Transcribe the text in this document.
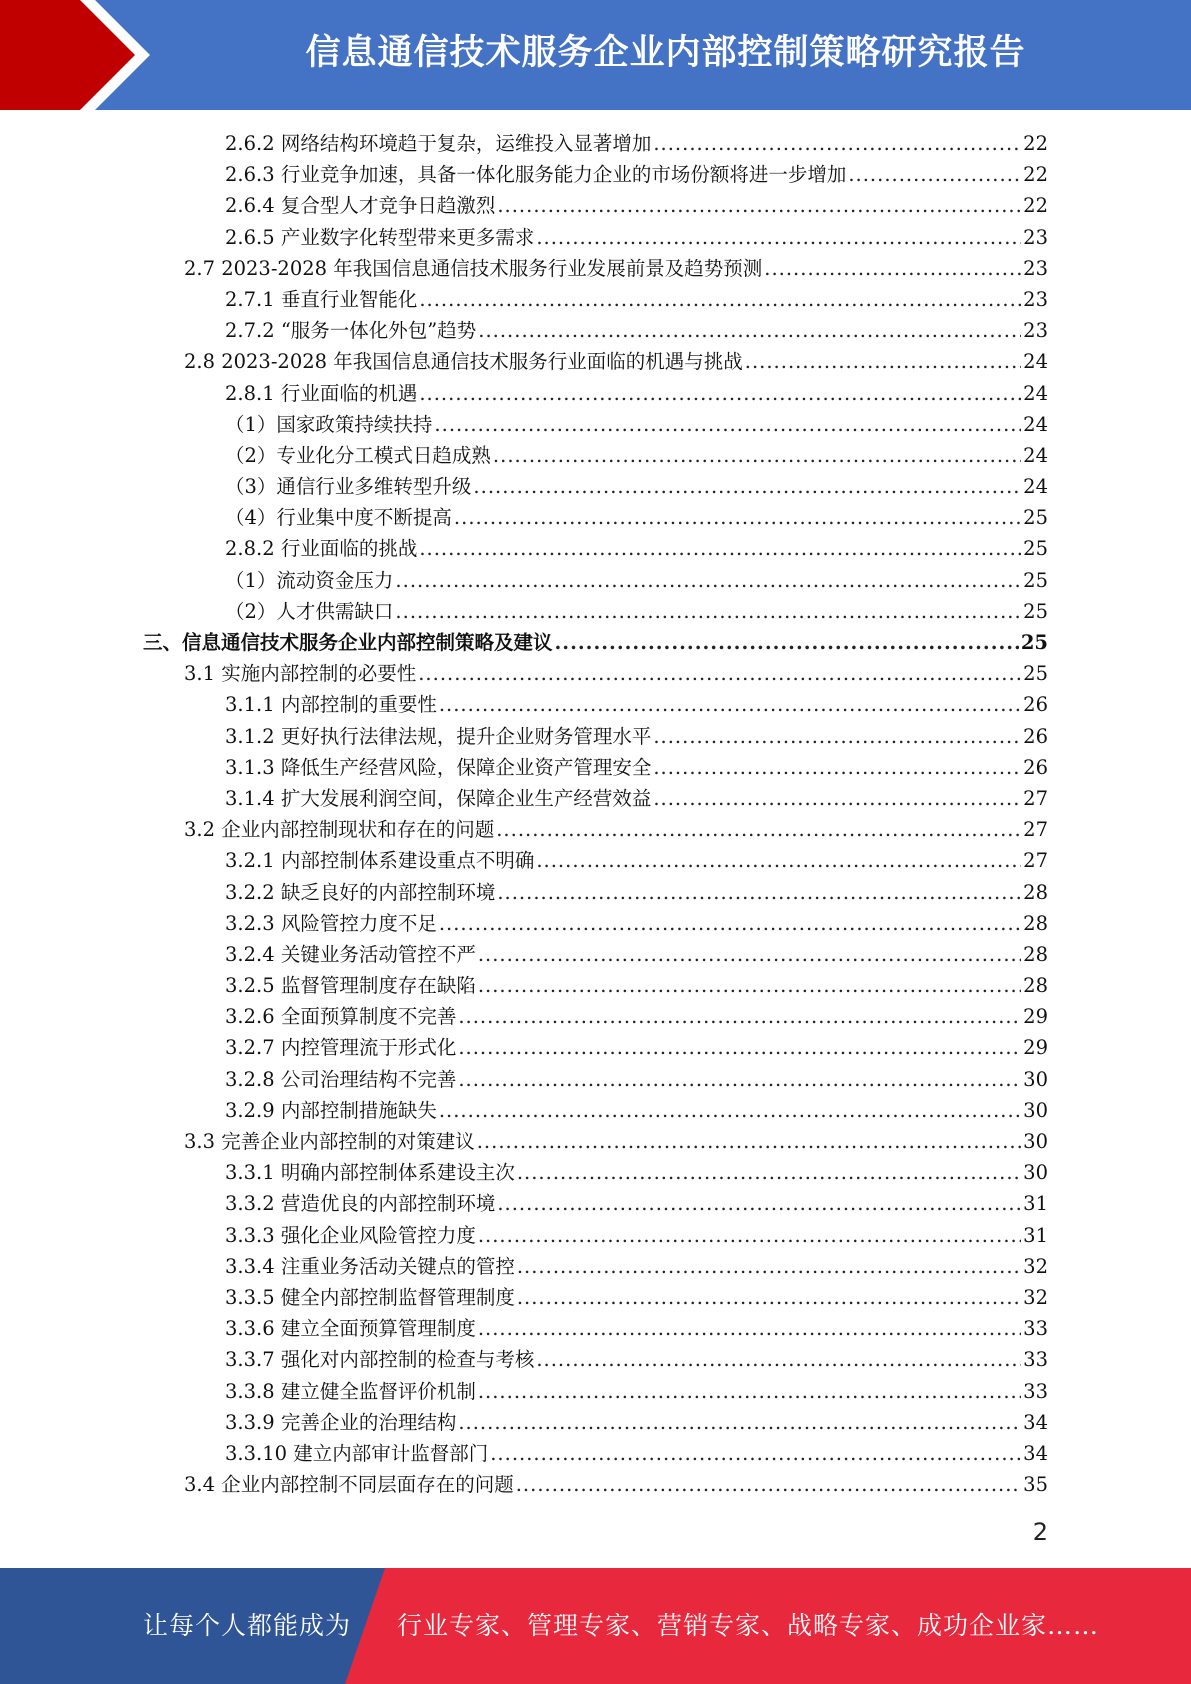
信息通信技术服务企业内部控制策略研究报告
2.6.2 网络结构环境趋于复杂，运维投入显著增加 .....	22
2.6.3 行业竞争加速，具备一体化服务能力企业的市场份额将进一步增加 .....	22
2.6.4 复合型人才竞争日趋激烈 .....	22
2.6.5 产业数字化转型带来更多需求 .....	23
2.7 2023-2028 年我国信息通信技术服务行业发展前景及趋势预测 .....	23
2.7.1 垂直行业智能化 .....	23
2.7.2 “服务一体化外包”趋势 .....	23
2.8 2023-2028 年我国信息通信技术服务行业面临的机遇与挑战 .....	24
2.8.1 行业面临的机遇 .....	24
（1）国家政策持续扶持 .....	24
（2）专业化分工模式日趋成熟 .....	24
（3）通信行业多维转型升级 .....	24
（4）行业集中度不断提高 .....	25
2.8.2 行业面临的挑战 .....	25
（1）流动资金压力 .....	25
（2）人才供需缺口 .....	25
三、信息通信技术服务企业内部控制策略及建议 .....	25
3.1 实施内部控制的必要性 .....	25
3.1.1 内部控制的重要性 .....	26
3.1.2 更好执行法律法规，提升企业财务管理水平 .....	26
3.1.3 降低生产经营风险，保障企业资产管理安全 .....	26
3.1.4 扩大发展利润空间，保障企业生产经营效益 .....	27
3.2 企业内部控制现状和存在的问题 .....	27
3.2.1 内部控制体系建设重点不明确 .....	27
3.2.2 缺乏良好的内部控制环境 .....	28
3.2.3 风险管控力度不足 .....	28
3.2.4 关键业务活动管控不严 .....	28
3.2.5 监督管理制度存在缺陷 .....	28
3.2.6 全面预算制度不完善 .....	29
3.2.7 内控管理流于形式化 .....	29
3.2.8 公司治理结构不完善 .....	30
3.2.9 内部控制措施缺失 .....	30
3.3 完善企业内部控制的对策建议 .....	30
3.3.1 明确内部控制体系建设主次 .....	30
3.3.2 营造优良的内部控制环境 .....	31
3.3.3 强化企业风险管控力度 .....	31
3.3.4 注重业务活动关键点的管控 .....	32
3.3.5 健全内部控制监督管理制度 .....	32
3.3.6 建立全面预算管理制度 .....	33
3.3.7 强化对内部控制的检查与考核 .....	33
3.3.8 建立健全监督评价机制 .....	33
3.3.9 完善企业的治理结构 .....	34
3.3.10 建立内部审计监督部门 .....	34
3.4 企业内部控制不同层面存在的问题 .....	35
2
让每个人都能成为 行业专家、管理专家、营销专家、战略专家、成功企业家……
